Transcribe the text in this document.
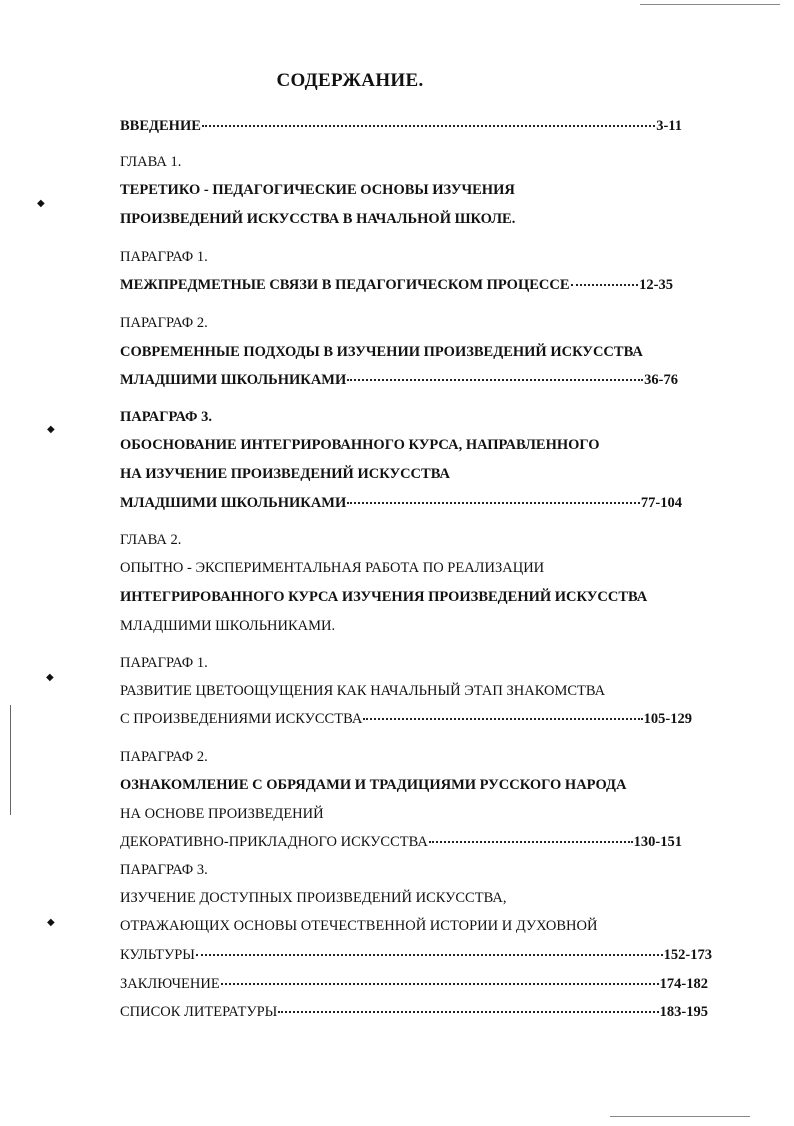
◆
◆
◆
◆
СОДЕРЖАНИЕ.
ВВЕДЕНИЕ	3-11
ГЛАВА 1.
ТЕРЕТИКО - ПЕДАГОГИЧЕСКИЕ ОСНОВЫ ИЗУЧЕНИЯ
ПРОИЗВЕДЕНИЙ ИСКУССТВА В НАЧАЛЬНОЙ ШКОЛЕ.
ПАРАГРАФ 1.
МЕЖПРЕДМЕТНЫЕ СВЯЗИ В ПЕДАГОГИЧЕСКОМ ПРОЦЕССЕ	12-35
ПАРАГРАФ 2.
СОВРЕМЕННЫЕ ПОДХОДЫ В ИЗУЧЕНИИ ПРОИЗВЕДЕНИЙ ИСКУССТВА
МЛАДШИМИ ШКОЛЬНИКАМИ	36-76
ПАРАГРАФ 3.
ОБОСНОВАНИЕ ИНТЕГРИРОВАННОГО КУРСА, НАПРАВЛЕННОГО
НА ИЗУЧЕНИЕ ПРОИЗВЕДЕНИЙ ИСКУССТВА
МЛАДШИМИ ШКОЛЬНИКАМИ	77-104
ГЛАВА 2.
ОПЫТНО - ЭКСПЕРИМЕНТАЛЬНАЯ РАБОТА ПО РЕАЛИЗАЦИИ
ИНТЕГРИРОВАННОГО КУРСА ИЗУЧЕНИЯ ПРОИЗВЕДЕНИЙ ИСКУССТВА
МЛАДШИМИ ШКОЛЬНИКАМИ.
ПАРАГРАФ 1.
РАЗВИТИЕ ЦВЕТООЩУЩЕНИЯ КАК НАЧАЛЬНЫЙ ЭТАП ЗНАКОМСТВА
С ПРОИЗВЕДЕНИЯМИ ИСКУССТВА	105-129
ПАРАГРАФ 2.
ОЗНАКОМЛЕНИЕ С ОБРЯДАМИ И ТРАДИЦИЯМИ РУССКОГО НАРОДА
НА ОСНОВЕ ПРОИЗВЕДЕНИЙ
ДЕКОРАТИВНО-ПРИКЛАДНОГО ИСКУССТВА	130-151
ПАРАГРАФ 3.
ИЗУЧЕНИЕ ДОСТУПНЫХ ПРОИЗВЕДЕНИЙ ИСКУССТВА,
ОТРАЖАЮЩИХ ОСНОВЫ ОТЕЧЕСТВЕННОЙ ИСТОРИИ И ДУХОВНОЙ
КУЛЬТУРЫ	152-173
ЗАКЛЮЧЕНИЕ	174-182
СПИСОК ЛИТЕРАТУРЫ	183-195
